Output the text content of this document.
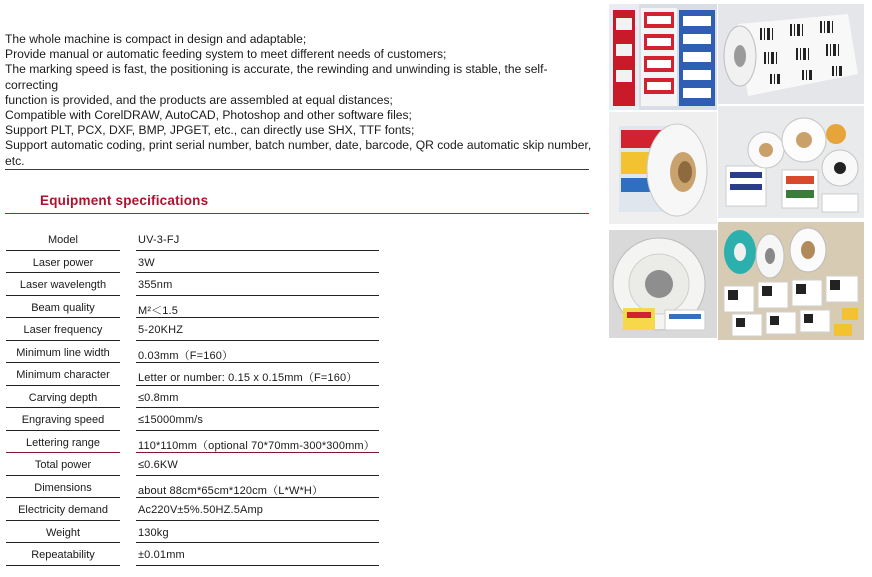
The whole machine is compact in design and adaptable;
Provide manual or automatic feeding system to meet different needs of customers;
The marking speed is fast, the positioning is accurate, the rewinding and unwinding is stable, the self-correcting
function is provided, and the products are assembled at equal distances;
Compatible with CorelDRAW, AutoCAD, Photoshop and other software files;
Support PLT, PCX, DXF, BMP, JPGET, etc., can directly use SHX, TTF fonts;
Support automatic coding, print serial number, batch number, date, barcode, QR code automatic skip number,
etc.
Equipment specifications
Model	UV-3-FJ
Laser power	3W
Laser wavelength	355nm
Beam quality	M²＜1.5
Laser frequency	5-20KHZ
Minimum line width	0.03mm（F=160）
Minimum character	Letter or number: 0.15 x 0.15mm（F=160）
Carving depth	≤0.8mm
Engraving speed	≤15000mm/s
Lettering range	110*110mm（optional 70*70mm-300*300mm）
Total power	≤0.6KW
Dimensions	about 88cm*65cm*120cm（L*W*H）
Electricity demand	Ac220V±5%.50HZ.5Amp
Weight	130kg
Repeatability	±0.01mm
